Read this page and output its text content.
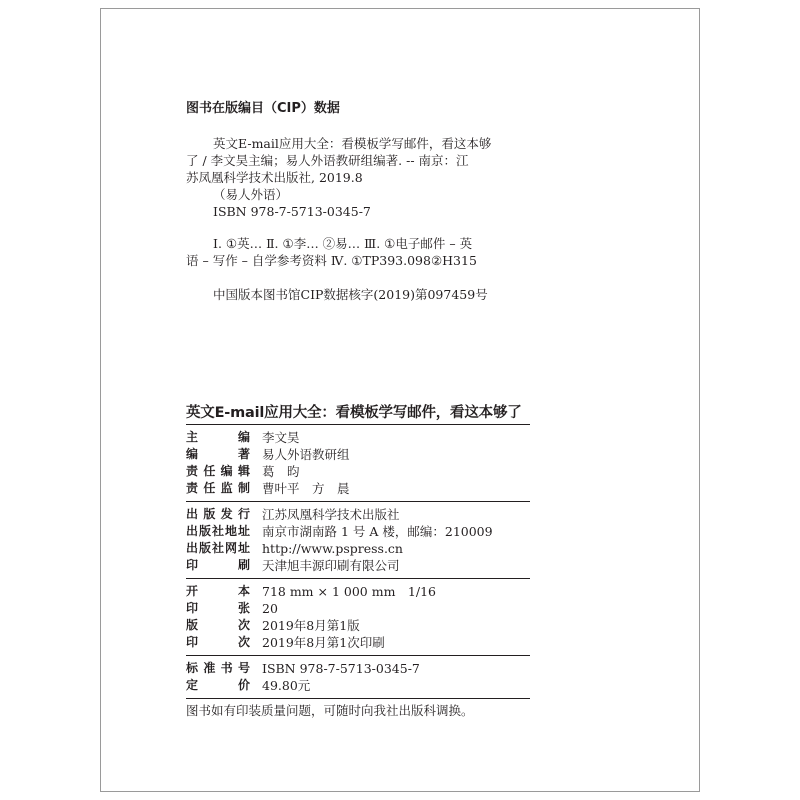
图书在版编目（CIP）数据
英文E-mail应用大全：看模板学写邮件，看这本够
了 / 李文昊主编；易人外语教研组编著. -- 南京：江
苏凤凰科学技术出版社, 2019.8
（易人外语）
ISBN 978-7-5713-0345-7
Ⅰ. ①英… Ⅱ. ①李… ②易… Ⅲ. ①电子邮件 – 英
语 – 写作 – 自学参考资料 Ⅳ. ①TP393.098②H315
中国版本图书馆CIP数据核字(2019)第097459号
英文E-mail应用大全：看模板学写邮件，看这本够了
主	编 李文昊
编	著 易人外语教研组
责 任 编 辑 葛　昀
责 任 监 制 曹叶平　方　晨
出 版 发 行 江苏凤凰科学技术出版社
出 版 社 地 址 南京市湖南路 1 号 A 楼，邮编：210009
出 版 社 网 址 http://www.pspress.cn
印	刷 天津旭丰源印刷有限公司
开	本 718 mm × 1 000 mm　1/16
印	张 20
版	次 2019年8月第1版
印	次 2019年8月第1次印刷
标 准 书 号 ISBN 978-7-5713-0345-7
定	价 49.80元
图书如有印装质量问题，可随时向我社出版科调换。
